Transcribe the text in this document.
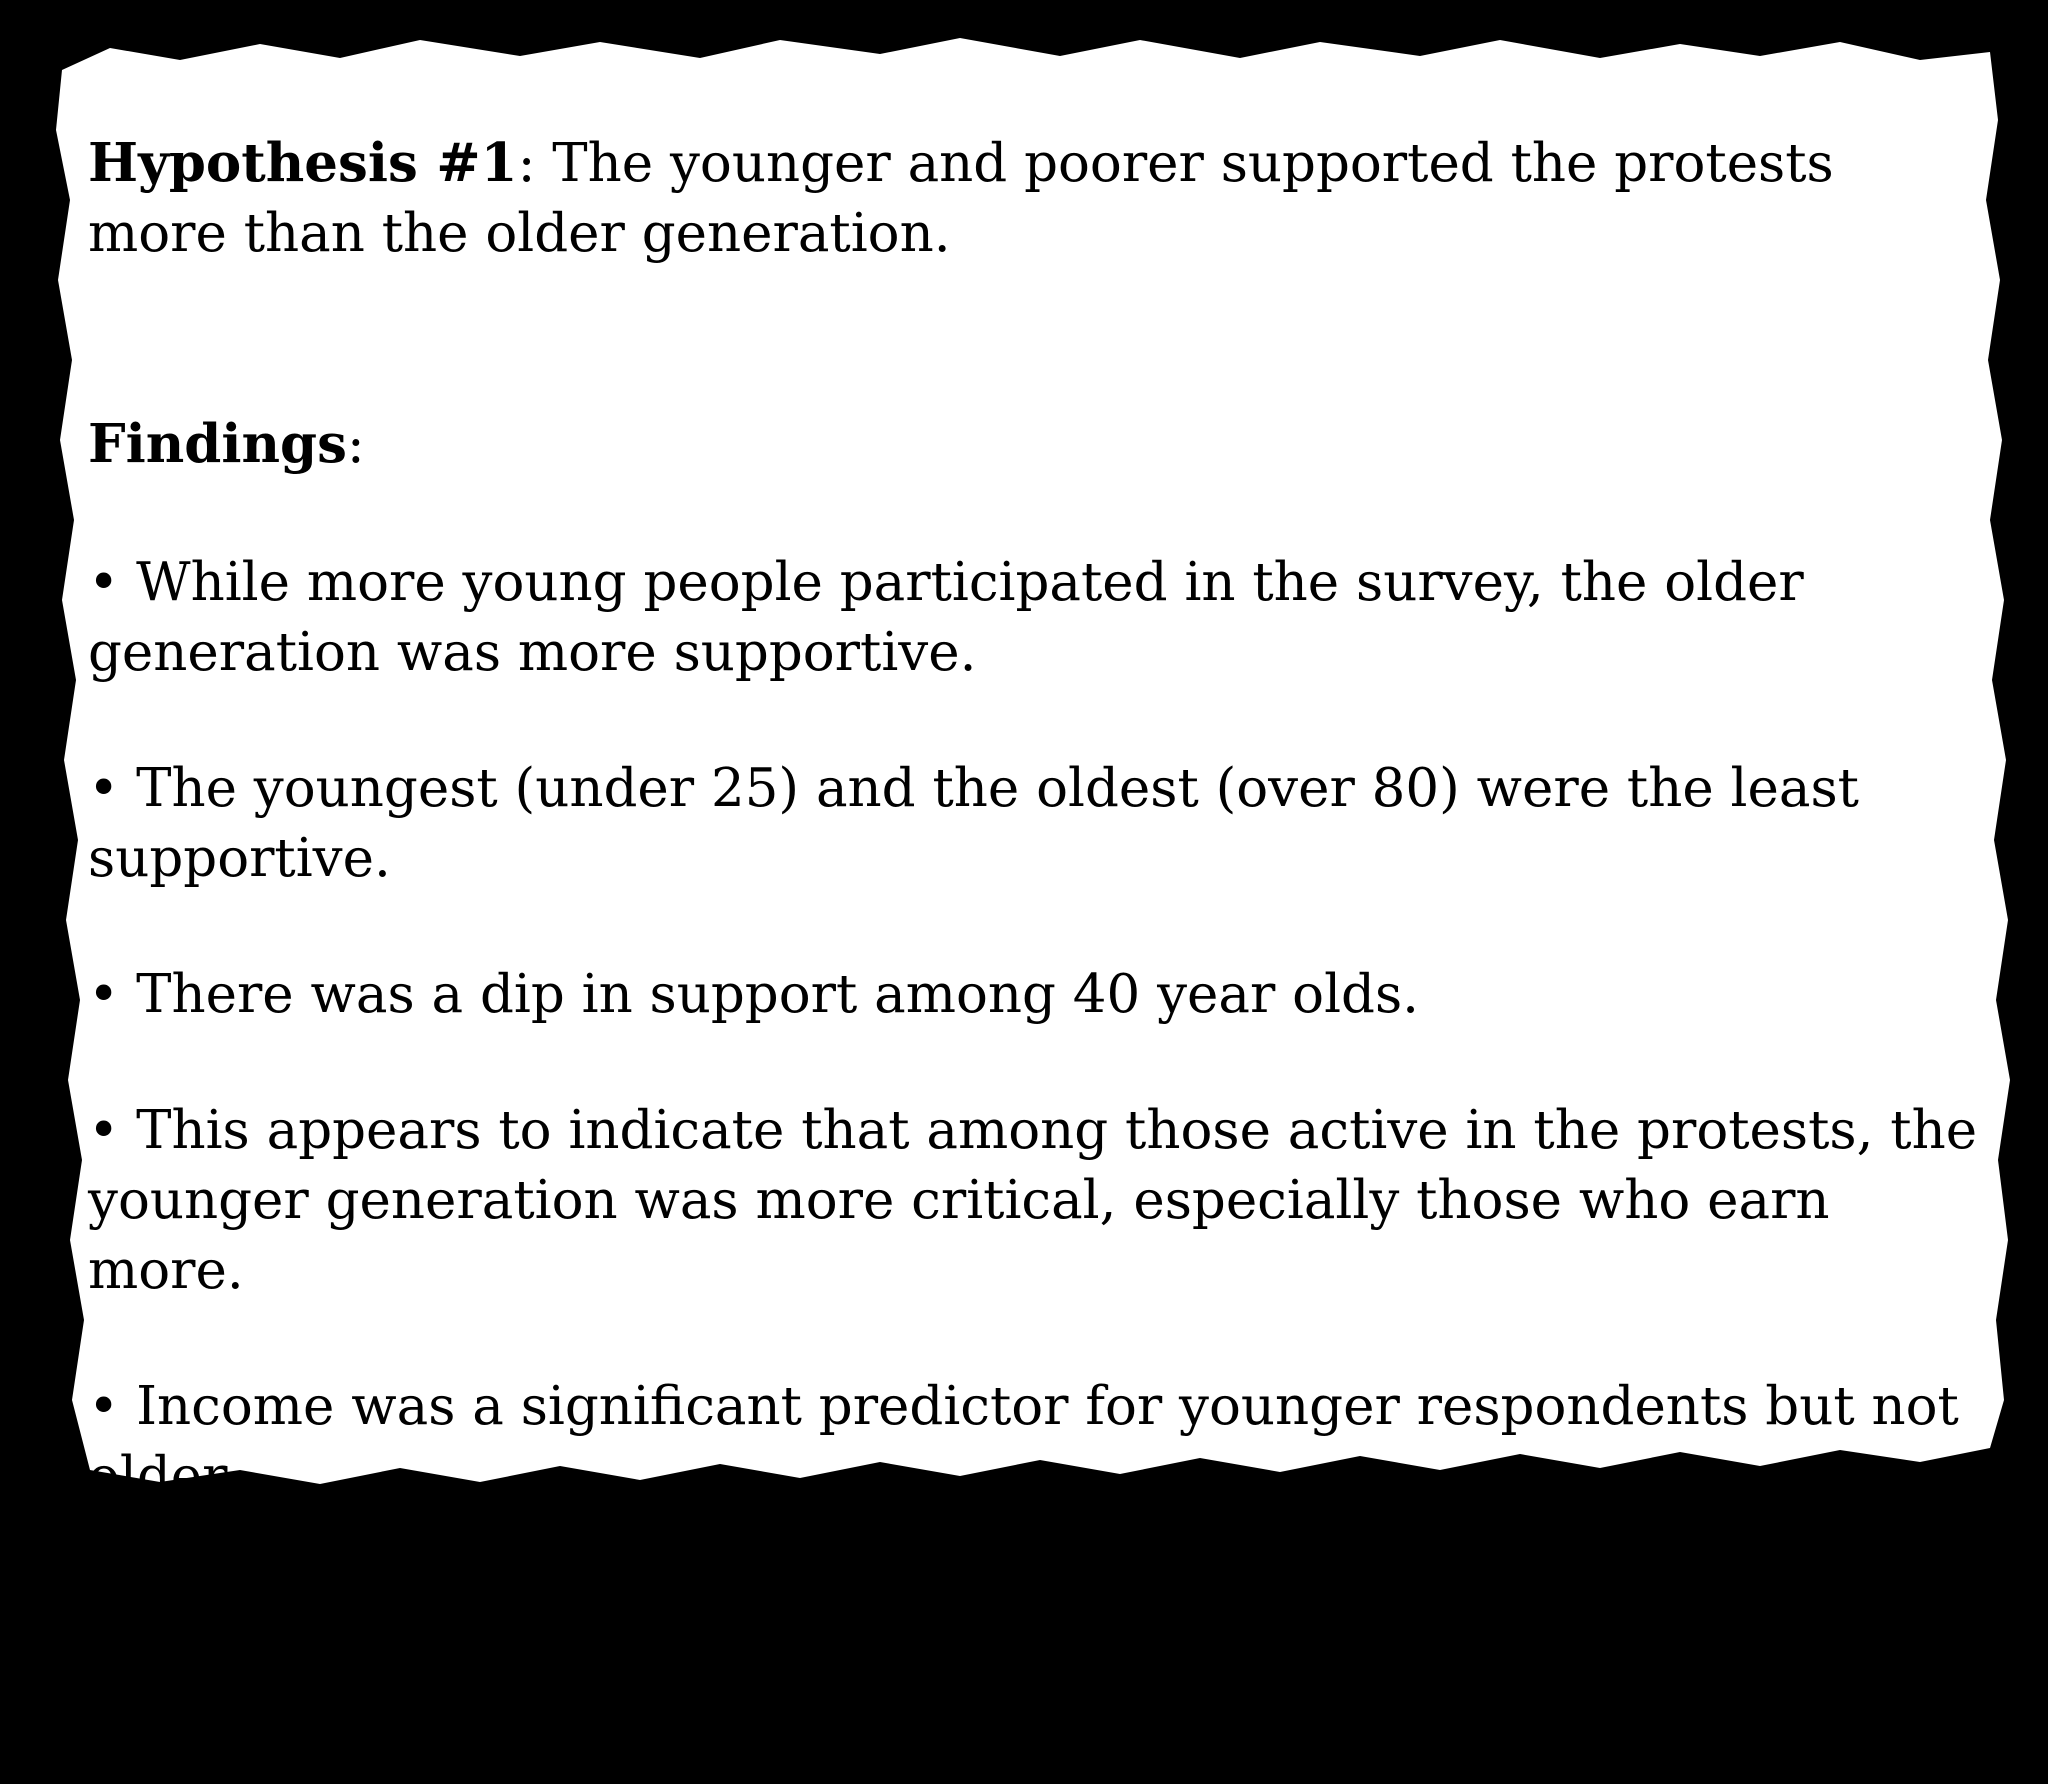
Hypothesis #1: The younger and poorer supported the protests more than the older generation.

Findings:

• While more young people participated in the survey, the older generation was more supportive.

• The youngest (under 25) and the oldest (over 80) were the least supportive.

• There was a dip in support among 40 year olds.

• This appears to indicate that among those active in the protests, the younger generation was more critical, especially those who earn more.

• Income was a significant predictor for younger respondents but not older.

• There was a significant positive interaction between age and income.
